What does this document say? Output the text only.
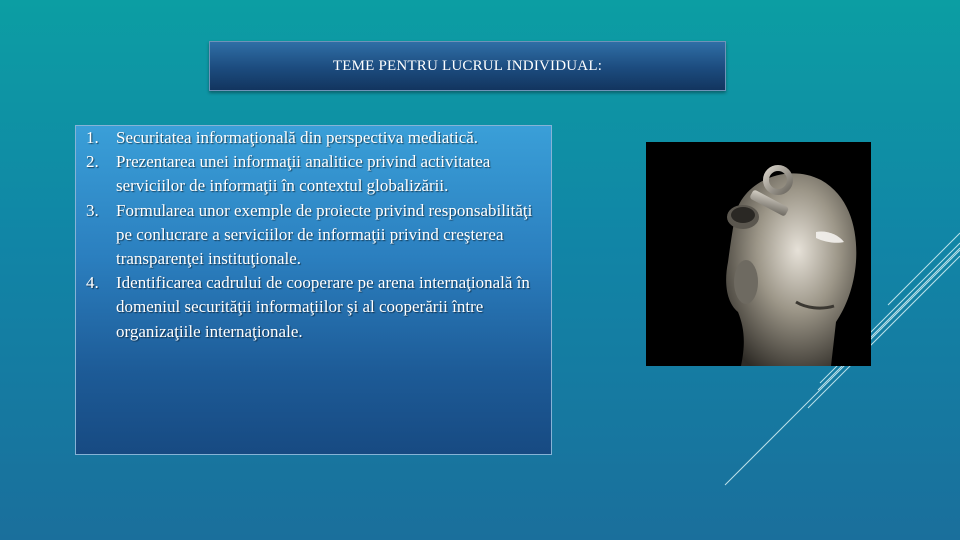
TEME PENTRU LUCRUL INDIVIDUAL:
1.	Securitatea informaţională din perspectiva mediatică.
2.	Prezentarea unei informaţii analitice privind activitatea serviciilor de informaţii în contextul globalizării.
3.	Formularea unor exemple de proiecte privind responsabilităţi pe conlucrare a serviciilor de informaţii privind creşterea transparenţei instituţionale.
4.	Identificarea cadrului de cooperare pe arena internaţională în domeniul securităţii informaţiilor şi al cooperării între organizaţiile internaţionale.
